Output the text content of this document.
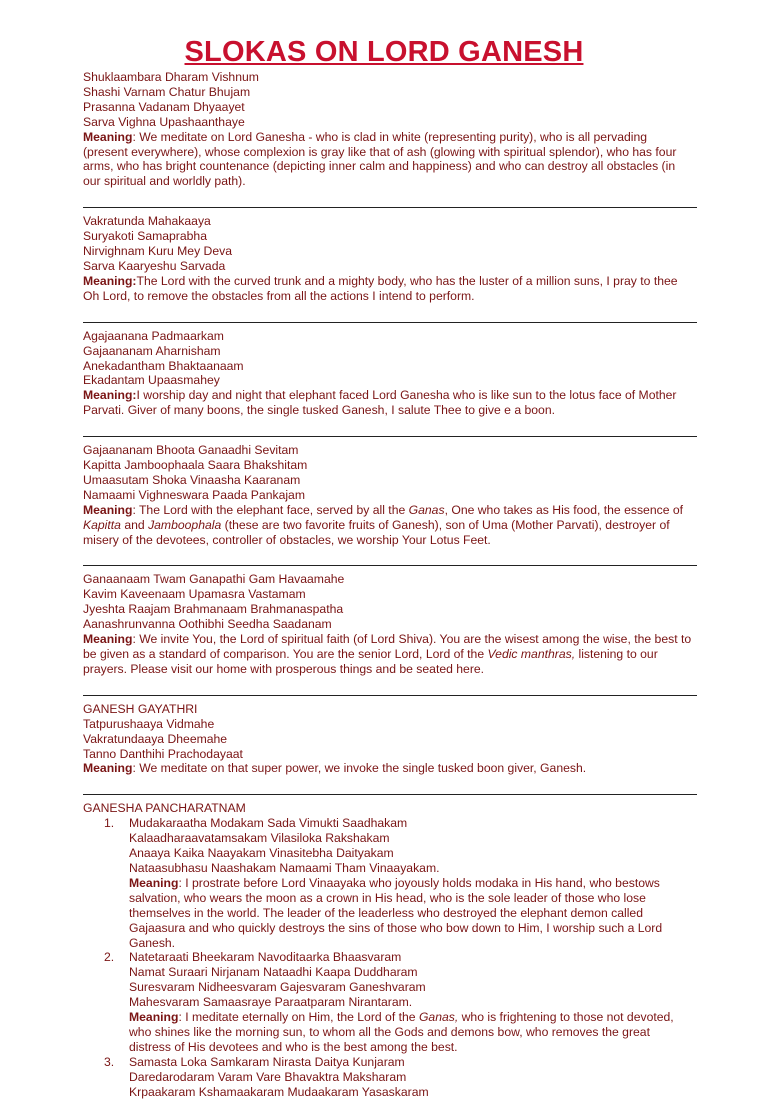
SLOKAS ON LORD GANESH
Shuklaambara Dharam Vishnum
Shashi Varnam Chatur Bhujam
Prasanna Vadanam Dhyaayet
Sarva Vighna Upashaanthaye
Meaning: We meditate on Lord Ganesha - who is clad in white (representing purity), who is all pervading (present everywhere), whose complexion is gray like that of ash (glowing with spiritual splendor), who has four arms, who has bright countenance (depicting inner calm and happiness) and who can destroy all obstacles (in our spiritual and worldly path).
Vakratunda Mahakaaya
Suryakoti Samaprabha
Nirvighnam Kuru Mey Deva
Sarva Kaaryeshu Sarvada
Meaning:The Lord with the curved trunk and a mighty body, who has the luster of a million suns, I pray to thee Oh Lord, to remove the obstacles from all the actions I intend to perform.
Agajaanana Padmaarkam
Gajaananam Aharnisham
Anekadantham Bhaktaanaam
Ekadantam Upaasmahey
Meaning:I worship day and night that elephant faced Lord Ganesha who is like sun to the lotus face of Mother Parvati. Giver of many boons, the single tusked Ganesh, I salute Thee to give e a boon.
Gajaananam Bhoota Ganaadhi Sevitam
Kapitta Jamboophaala Saara Bhakshitam
Umaasutam Shoka Vinaasha Kaaranam
Namaami Vighneswara Paada Pankajam
Meaning: The Lord with the elephant face, served by all the Ganas, One who takes as His food, the essence of Kapitta and Jamboophala (these are two favorite fruits of Ganesh), son of Uma (Mother Parvati), destroyer of misery of the devotees, controller of obstacles, we worship Your Lotus Feet.
Ganaanaam Twam Ganapathi Gam Havaamahe
Kavim Kaveenaam Upamasra Vastamam
Jyeshta Raajam Brahmanaam Brahmanaspatha
Aanashrunvanna Oothibhi Seedha Saadanam
Meaning: We invite You, the Lord of spiritual faith (of Lord Shiva). You are the wisest among the wise, the best to be given as a standard of comparison. You are the senior Lord, Lord of the Vedic manthras, listening to our prayers. Please visit our home with prosperous things and be seated here.
GANESH GAYATHRI
Tatpurushaaya Vidmahe
Vakratundaaya Dheemahe
Tanno Danthihi Prachodayaat
Meaning: We meditate on that super power, we invoke the single tusked boon giver, Ganesh.
GANESHA PANCHARATNAM
1.	Mudakaraatha Modakam Sada Vimukti Saadhakam
Kalaadharaavatamsakam Vilasiloka Rakshakam
Anaaya Kaika Naayakam Vinasitebha Daityakam
Nataasubhasu Naashakam Namaami Tham Vinaayakam.
Meaning: I prostrate before Lord Vinaayaka who joyously holds modaka in His hand, who bestows salvation, who wears the moon as a crown in His head, who is the sole leader of those who lose themselves in the world. The leader of the leaderless who destroyed the elephant demon called Gajaasura and who quickly destroys the sins of those who bow down to Him, I worship such a Lord Ganesh.
2.	Natetaraati Bheekaram Navoditaarka Bhaasvaram
Namat Suraari Nirjanam Nataadhi Kaapa Duddharam
Suresvaram Nidheesvaram Gajesvaram Ganeshvaram
Mahesvaram Samaasraye Paraatparam Nirantaram.
Meaning: I meditate eternally on Him, the Lord of the Ganas, who is frightening to those not devoted, who shines like the morning sun, to whom all the Gods and demons bow, who removes the great distress of His devotees and who is the best among the best.
3.	Samasta Loka Samkaram Nirasta Daitya Kunjaram
Daredarodaram Varam Vare Bhavaktra Maksharam
Krpaakaram Kshamaakaram Mudaakaram Yasaskaram
